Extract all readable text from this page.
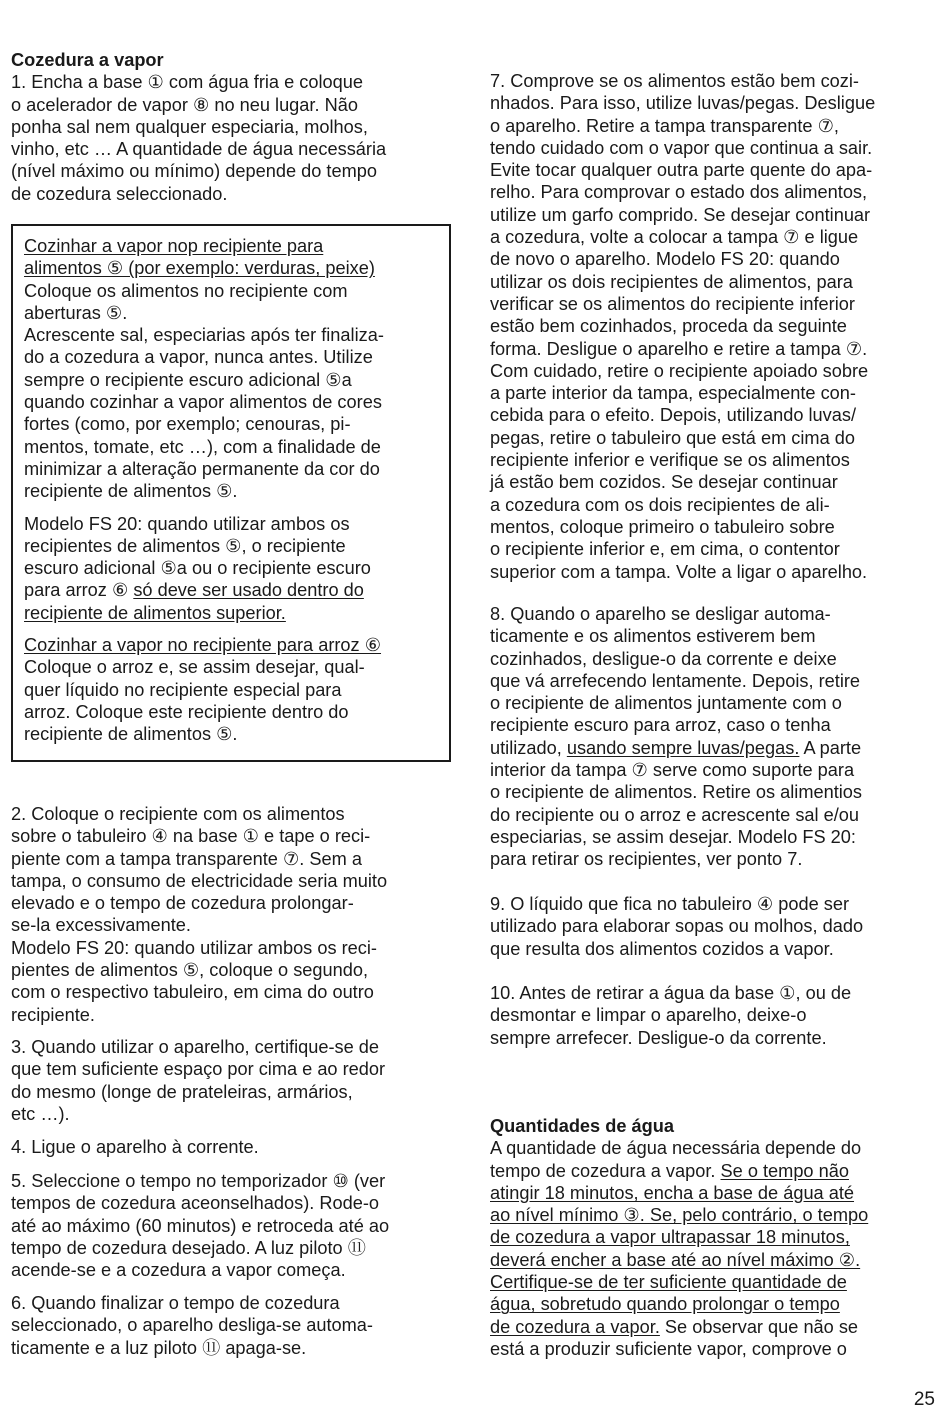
Cozedura a vapor

1. Encha a base ① com água fria e coloque

o acelerador de vapor ⑧ no neu lugar. Não

ponha sal nem qualquer especiaria, molhos,

vinho, etc … A quantidade de água necessária

(nível máximo ou mínimo) depende do tempo

de cozedura seleccionado.

Cozinhar a vapor nop recipiente para

alimentos ⑤ (por exemplo: verduras, peixe)

Coloque os alimentos no recipiente com

aberturas ⑤.

Acrescente sal, especiarias após ter finaliza-

do a cozedura a vapor, nunca antes. Utilize

sempre o recipiente escuro adicional ⑤a

quando cozinhar a vapor alimentos de cores

fortes (como, por exemplo; cenouras, pi-

mentos, tomate, etc …), com a finalidade de

minimizar a alteração permanente da cor do

recipiente de alimentos ⑤.

Modelo FS 20: quando utilizar ambos os

recipientes de alimentos ⑤, o recipiente

escuro adicional ⑤a ou o recipiente escuro

para arroz ⑥ só deve ser usado dentro do

recipiente de alimentos superior.

Cozinhar a vapor no recipiente para arroz ⑥

Coloque o arroz e, se assim desejar, qual-

quer líquido no recipiente especial para

arroz. Coloque este recipiente dentro do

recipiente de alimentos ⑤.

2. Coloque o recipiente com os alimentos

sobre o tabuleiro ④ na base ① e tape o reci-

piente com a tampa transparente ⑦. Sem a

tampa, o consumo de electricidade seria muito

elevado e o tempo de cozedura prolongar-

se-la excessivamente.

Modelo FS 20: quando utilizar ambos os reci-

pientes de alimentos ⑤, coloque o segundo,

com o respectivo tabuleiro, em cima do outro

recipiente.

3. Quando utilizar o aparelho, certifique-se de

que tem suficiente espaço por cima e ao redor

do mesmo (longe de prateleiras, armários,

etc …).

4. Ligue o aparelho à corrente.

5. Seleccione o tempo no temporizador ⑩ (ver

tempos de cozedura aceonselhados). Rode-o

até ao máximo (60 minutos) e retroceda até ao

tempo de cozedura desejado. A luz piloto ⑪

acende-se e a cozedura a vapor começa.

6. Quando finalizar o tempo de cozedura

seleccionado, o aparelho desliga-se automa-

ticamente e a luz piloto ⑪ apaga-se.

7. Comprove se os alimentos estão bem cozi-

nhados. Para isso, utilize luvas/pegas. Desligue

o aparelho. Retire a tampa transparente ⑦,

tendo cuidado com o vapor que continua a sair.

Evite tocar qualquer outra parte quente do apa-

relho. Para comprovar o estado dos alimentos,

utilize um garfo comprido. Se desejar continuar

a cozedura, volte a colocar a tampa ⑦ e ligue

de novo o aparelho. Modelo FS 20: quando

utilizar os dois recipientes de alimentos, para

verificar se os alimentos do recipiente inferior

estão bem cozinhados, proceda da seguinte

forma. Desligue o aparelho e retire a tampa ⑦.

Com cuidado, retire o recipiente apoiado sobre

a parte interior da tampa, especialmente con-

cebida para o efeito. Depois, utilizando luvas/

pegas, retire o tabuleiro que está em cima do

recipiente inferior e verifique se os alimentos

já estão bem cozidos. Se desejar continuar

a cozedura com os dois recipientes de ali-

mentos, coloque primeiro o tabuleiro sobre

o recipiente inferior e, em cima, o contentor

superior com a tampa. Volte a ligar o aparelho.

8. Quando o aparelho se desligar automa-

ticamente e os alimentos estiverem bem

cozinhados, desligue-o da corrente e deixe

que vá arrefecendo lentamente. Depois, retire

o recipiente de alimentos juntamente com o

recipiente escuro para arroz, caso o tenha

utilizado, usando sempre luvas/pegas. A parte

interior da tampa ⑦ serve como suporte para

o recipiente de alimentos. Retire os alimentios

do recipiente ou o arroz e acrescente sal e/ou

especiarias, se assim desejar. Modelo FS 20:

para retirar os recipientes, ver ponto 7.

9. O líquido que fica no tabuleiro ④ pode ser

utilizado para elaborar sopas ou molhos, dado

que resulta dos alimentos cozidos a vapor.

10. Antes de retirar a água da base ①, ou de

desmontar e limpar o aparelho, deixe-o

sempre arrefecer. Desligue-o da corrente.

Quantidades de água

A quantidade de água necessária depende do

tempo de cozedura a vapor. Se o tempo não

atingir 18 minutos, encha a base de água até

ao nível mínimo ③. Se, pelo contrário, o tempo

de cozedura a vapor ultrapassar 18 minutos,

deverá encher a base até ao nível máximo ②.

Certifique-se de ter suficiente quantidade de

água, sobretudo quando prolongar o tempo

de cozedura a vapor. Se observar que não se

está a produzir suficiente vapor, comprove o

25
